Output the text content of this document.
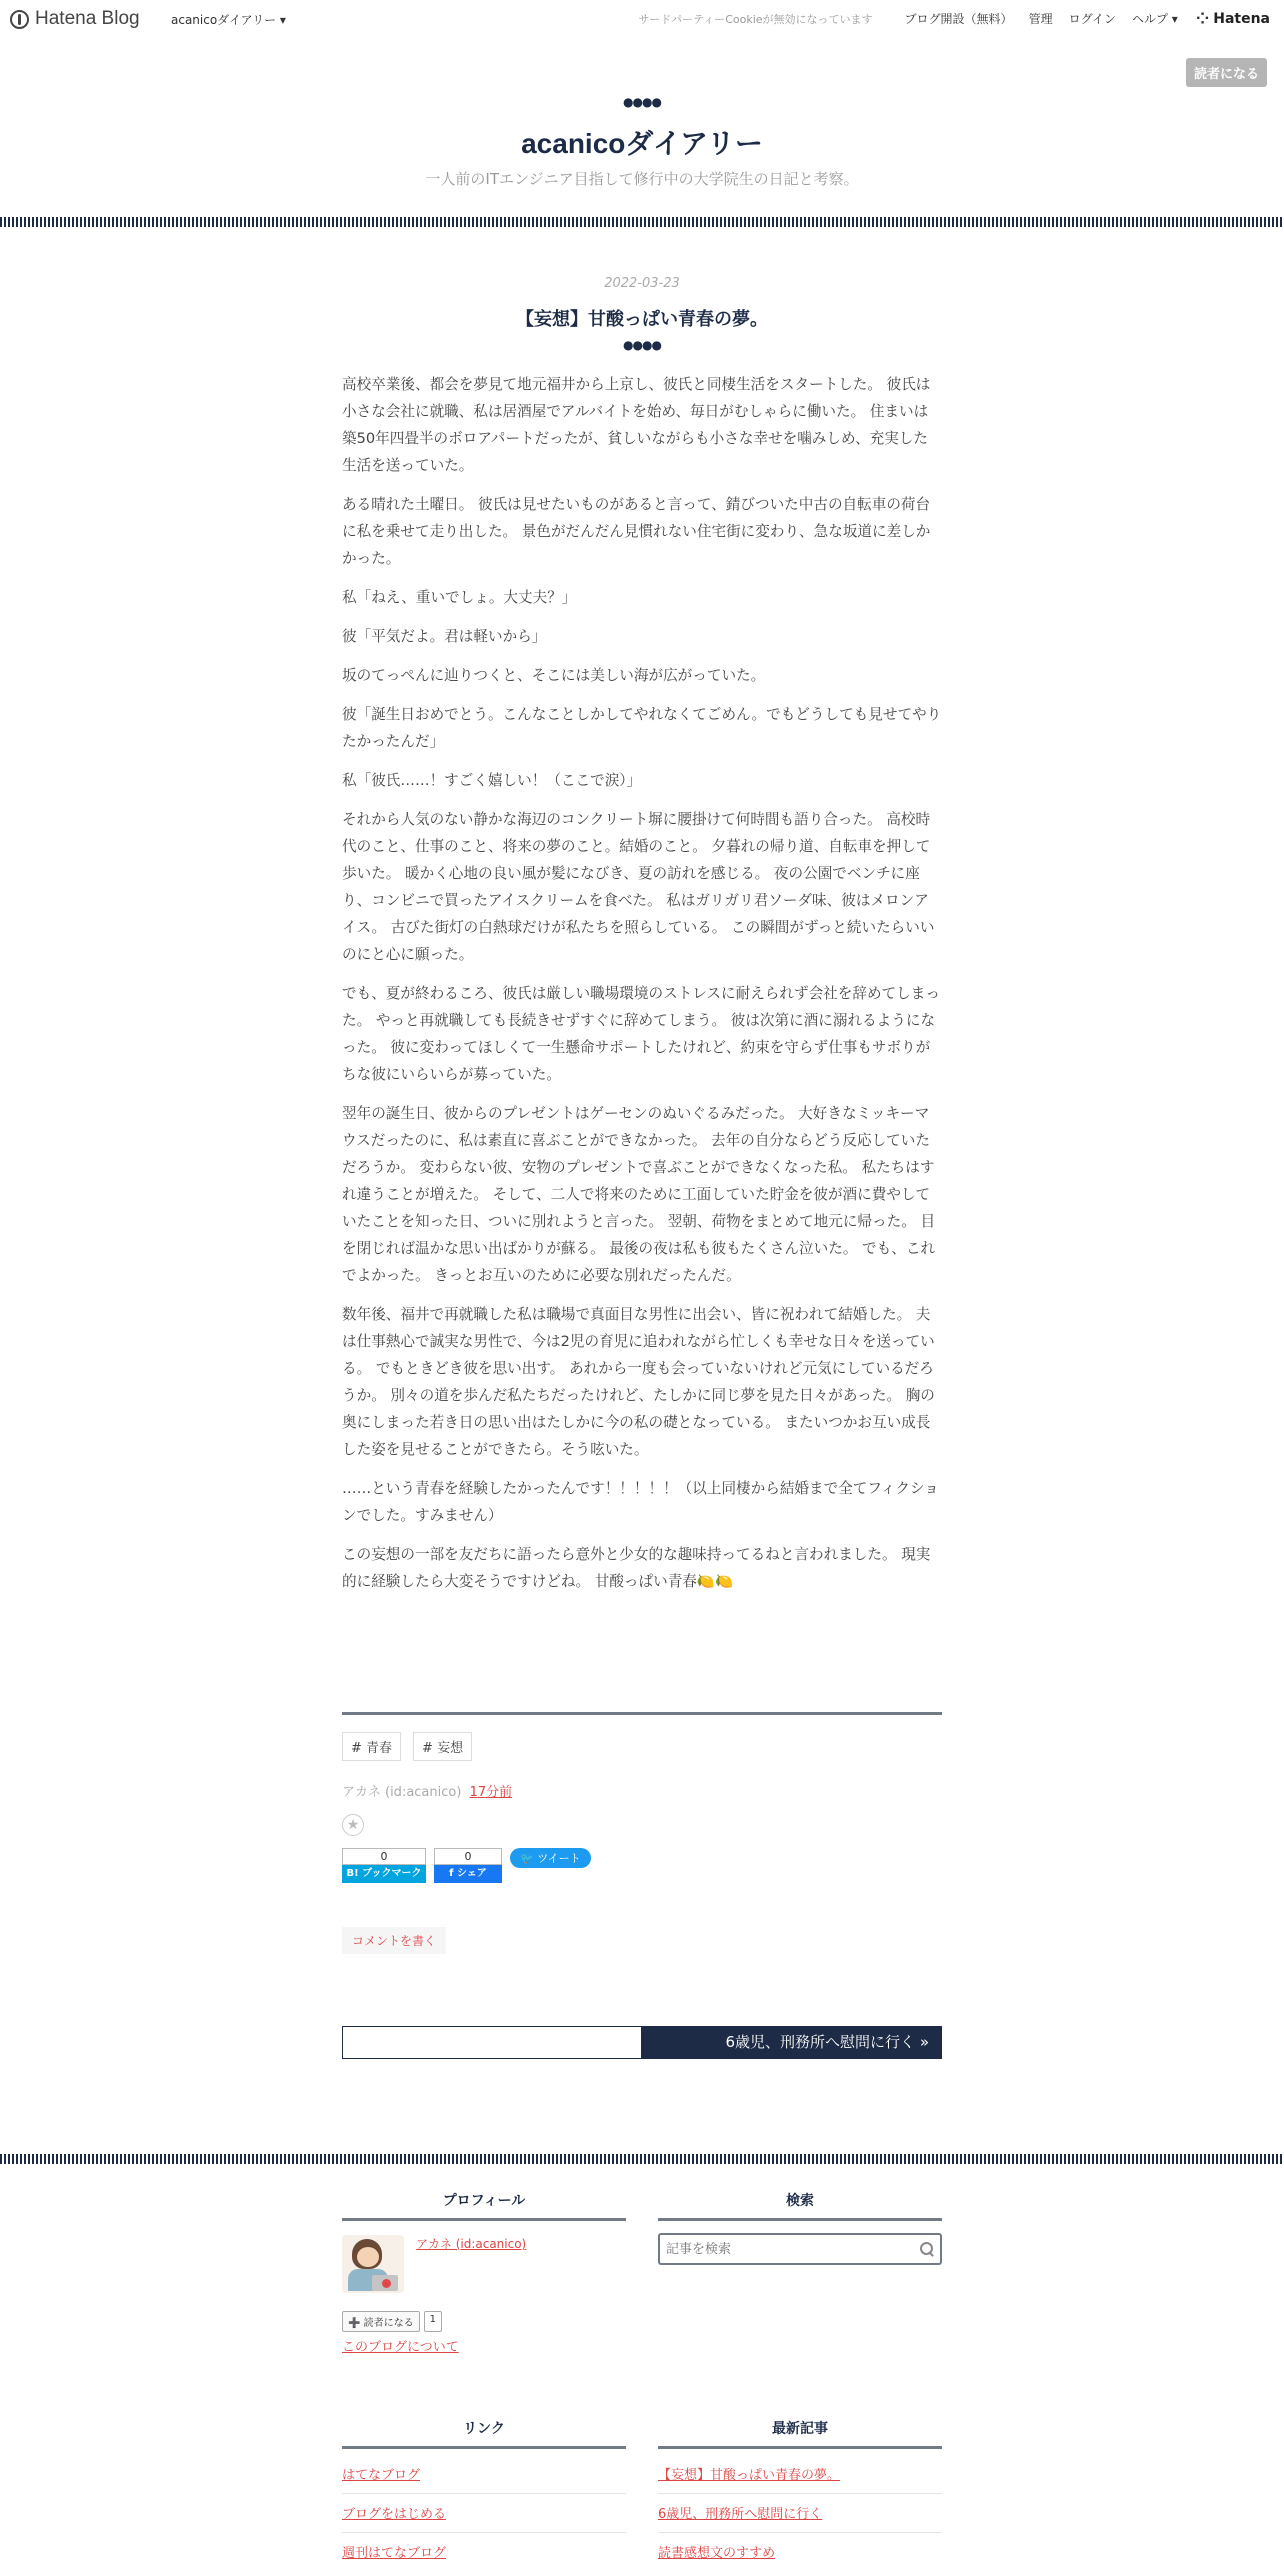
Hatena Blog	acanicoダイアリー ▾	サードパーティーCookieが無効になっています	ブログ開設（無料） 管理 ログイン ヘルプ ▾ ⁘ Hatena
読者になる
●●●●
acanicoダイアリー
一人前のITエンジニア目指して修行中の大学院生の日記と考察。
2022-03-23
【妄想】甘酸っぱい青春の夢。
●●●●

高校卒業後、都会を夢見て地元福井から上京し、彼氏と同棲生活をスタートした。 彼氏は小さな会社に就職、私は居酒屋でアルバイトを始め、毎日がむしゃらに働いた。 住まいは築50年四畳半のボロアパートだったが、貧しいながらも小さな幸せを噛みしめ、充実した生活を送っていた。

ある晴れた土曜日。 彼氏は見せたいものがあると言って、錆びついた中古の自転車の荷台に私を乗せて走り出した。 景色がだんだん見慣れない住宅街に変わり、急な坂道に差しかかった。

私「ねえ、重いでしょ。大丈夫？」

彼「平気だよ。君は軽いから」

坂のてっぺんに辿りつくと、そこには美しい海が広がっていた。

彼「誕生日おめでとう。こんなことしかしてやれなくてごめん。でもどうしても見せてやりたかったんだ」

私「彼氏……！すごく嬉しい！（ここで涙）」

それから人気のない静かな海辺のコンクリート塀に腰掛けて何時間も語り合った。 高校時代のこと、仕事のこと、将来の夢のこと。結婚のこと。 夕暮れの帰り道、自転車を押して歩いた。 暖かく心地の良い風が髪になびき、夏の訪れを感じる。 夜の公園でベンチに座り、コンビニで買ったアイスクリームを食べた。 私はガリガリ君ソーダ味、彼はメロンアイス。 古びた街灯の白熱球だけが私たちを照らしている。 この瞬間がずっと続いたらいいのにと心に願った。

でも、夏が終わるころ、彼氏は厳しい職場環境のストレスに耐えられず会社を辞めてしまった。 やっと再就職しても長続きせずすぐに辞めてしまう。 彼は次第に酒に溺れるようになった。 彼に変わってほしくて一生懸命サポートしたけれど、約束を守らず仕事もサボりがちな彼にいらいらが募っていた。

翌年の誕生日、彼からのプレゼントはゲーセンのぬいぐるみだった。 大好きなミッキーマウスだったのに、私は素直に喜ぶことができなかった。 去年の自分ならどう反応していただろうか。 変わらない彼、安物のプレゼントで喜ぶことができなくなった私。 私たちはすれ違うことが増えた。 そして、二人で将来のために工面していた貯金を彼が酒に費やしていたことを知った日、ついに別れようと言った。 翌朝、荷物をまとめて地元に帰った。 目を閉じれば温かな思い出ばかりが蘇る。 最後の夜は私も彼もたくさん泣いた。 でも、これでよかった。 きっとお互いのために必要な別れだったんだ。

数年後、福井で再就職した私は職場で真面目な男性に出会い、皆に祝われて結婚した。 夫は仕事熱心で誠実な男性で、今は2児の育児に追われながら忙しくも幸せな日々を送っている。 でもときどき彼を思い出す。 あれから一度も会っていないけれど元気にしているだろうか。 別々の道を歩んだ私たちだったけれど、たしかに同じ夢を見た日々があった。 胸の奥にしまった若き日の思い出はたしかに今の私の礎となっている。 またいつかお互い成長した姿を見せることができたら。そう呟いた。

……という青春を経験したかったんです！！！！！（以上同棲から結婚まで全てフィクションでした。すみません）

この妄想の一部を友だちに語ったら意外と少女的な趣味持ってるねと言われました。 現実的に経験したら大変そうですけどね。 甘酸っぱい青春🍋🍋

# 青春	# 妄想
アカネ (id:acanico) 17分前
★
0
B! ブックマーク
0
f シェア
🐦 ツイート
コメントを書く
6歳児、刑務所へ慰問に行く »
プロフィール
アカネ (id:acanico)
➕ 読者になる	1
このブログについて
検索
記事を検索
リンク
はてなブログ
ブログをはじめる
週刊はてなブログ
最新記事
【妄想】甘酸っぱい青春の夢。
6歳児、刑務所へ慰問に行く
読書感想文のすすめ
